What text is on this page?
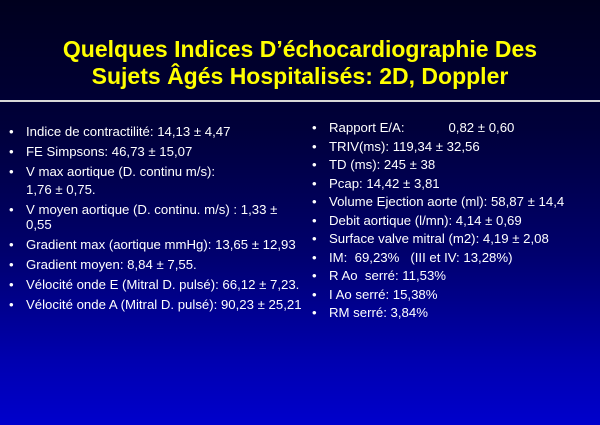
Quelques Indices D’échocardiographie Des
Sujets Âgés Hospitalisés: 2D, Doppler
• Indice de contractilité: 14,13 ± 4,47
• FE Simpsons: 46,73 ± 15,07
• V max aortique (D. continu m/s):
1,76 ± 0,75.
• V moyen aortique (D. continu. m/s) : 1,33 ± 0,55
• Gradient max (aortique mmHg): 13,65 ± 12,93
• Gradient moyen: 8,84 ± 7,55.
• Vélocité onde E (Mitral D. pulsé): 66,12 ± 7,23.
• Vélocité onde A (Mitral D. pulsé): 90,23 ± 25,21
• Rapport E/A:            0,82 ± 0,60
• TRIV(ms): 119,34 ± 32,56
• TD (ms): 245 ± 38
• Pcap: 14,42 ± 3,81
• Volume Ejection aorte (ml): 58,87 ± 14,4
• Debit aortique (l/mn): 4,14 ± 0,69
• Surface valve mitral (m2): 4,19 ± 2,08
• IM:  69,23%   (III et IV: 13,28%)
• R Ao  serré: 11,53%
• I Ao serré: 15,38%
• RM serré: 3,84%
